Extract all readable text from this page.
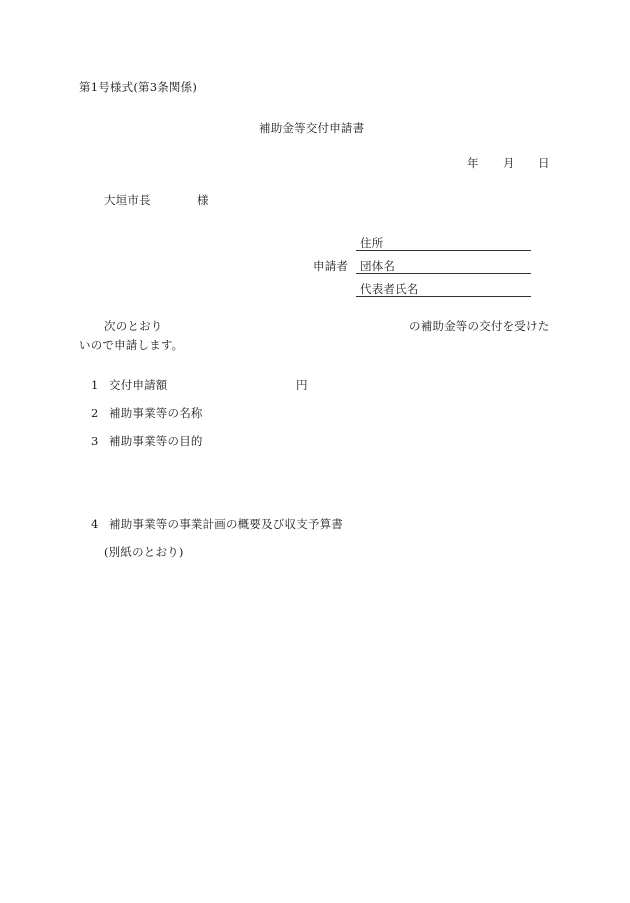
第1号様式(第3条関係)
補助金等交付申請書
年 月 日
大垣市長	様
申請者
住所
団体名
代表者氏名
次のとおり	の補助金等の交付を受けた
いので申請します。
1 交付申請額	円
2 補助事業等の名称
3 補助事業等の目的
4 補助事業等の事業計画の概要及び収支予算書
(別紙のとおり)
